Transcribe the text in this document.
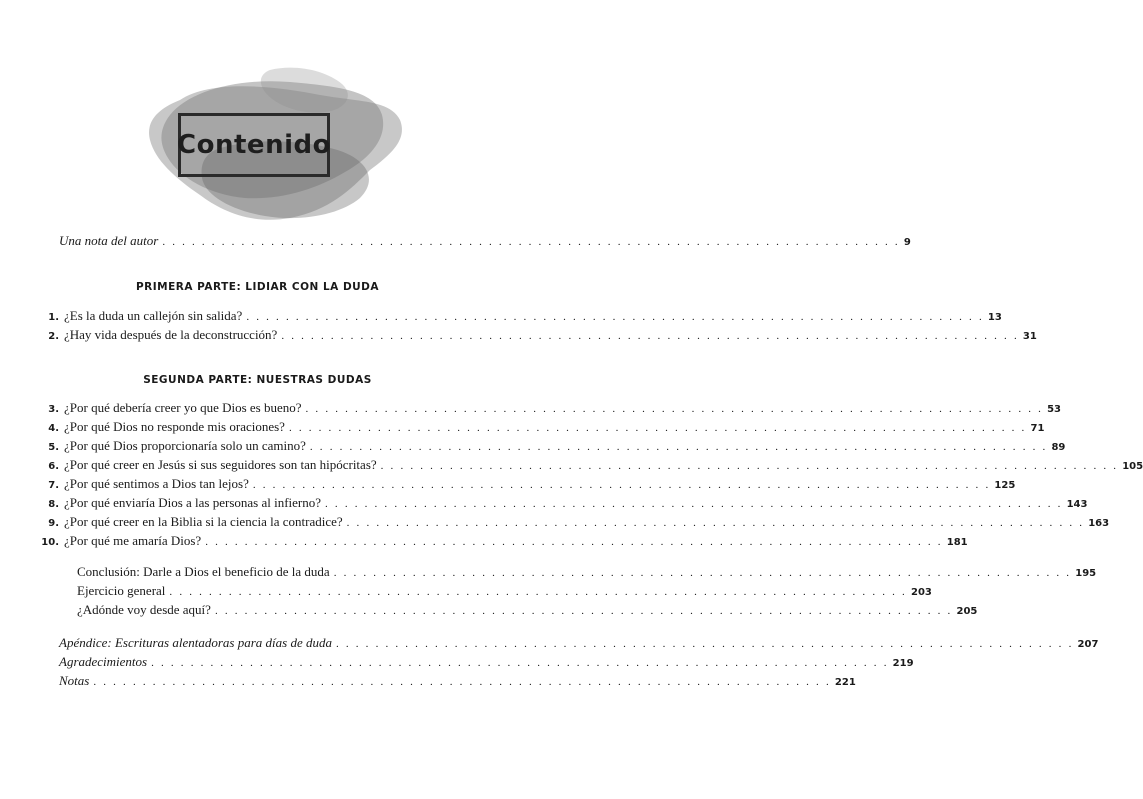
Contenido
Una nota del autor . . . . . . . . . . . . . . . . . . . . . . . . . . . . . . . . . . . . . . . . . . . . . . . . . . . . . . . . . . . . . . . . . . . . . . . . . . . 9
PRIMERA PARTE: LIDIAR CON LA DUDA
1. ¿Es la duda un callejón sin salida? . . . . . . . . . . . . . . . . . . . . . . . . . . . . . . . . . . . . . . . . . . . . . . . . . . . . . . . . . . . . . . . . . . . . . . . . . . . 13
2. ¿Hay vida después de la deconstrucción? . . . . . . . . . . . . . . . . . . . . . . . . . . . . . . . . . . . . . . . . . . . . . . . . . . . . . . . . . . . . . . . . . . . . . . . . . . . 31
SEGUNDA PARTE: NUESTRAS DUDAS
3. ¿Por qué debería creer yo que Dios es bueno? . . . . . . . . . . . . . . . . . . . . . . . . . . . . . . . . . . . . . . . . . . . . . . . . . . . . . . . . . . . . . . . . . . . . . . . . . . . 53
4. ¿Por qué Dios no responde mis oraciones? . . . . . . . . . . . . . . . . . . . . . . . . . . . . . . . . . . . . . . . . . . . . . . . . . . . . . . . . . . . . . . . . . . . . . . . . . . . 71
5. ¿Por qué Dios proporcionaría solo un camino? . . . . . . . . . . . . . . . . . . . . . . . . . . . . . . . . . . . . . . . . . . . . . . . . . . . . . . . . . . . . . . . . . . . . . . . . . . . 89
6. ¿Por qué creer en Jesús si sus seguidores son tan hipócritas? . . . . . . . . . . . . . . . . . . . . . . . . . . . . . . . . . . . . . . . . . . . . . . . . . . . . . . . . . . . . . . . . . . . . . . . . . . . 105
7. ¿Por qué sentimos a Dios tan lejos? . . . . . . . . . . . . . . . . . . . . . . . . . . . . . . . . . . . . . . . . . . . . . . . . . . . . . . . . . . . . . . . . . . . . . . . . . . . 125
8. ¿Por qué enviaría Dios a las personas al infierno? . . . . . . . . . . . . . . . . . . . . . . . . . . . . . . . . . . . . . . . . . . . . . . . . . . . . . . . . . . . . . . . . . . . . . . . . . . . 143
9. ¿Por qué creer en la Biblia si la ciencia la contradice? . . . . . . . . . . . . . . . . . . . . . . . . . . . . . . . . . . . . . . . . . . . . . . . . . . . . . . . . . . . . . . . . . . . . . . . . . . . 163
10. ¿Por qué me amaría Dios? . . . . . . . . . . . . . . . . . . . . . . . . . . . . . . . . . . . . . . . . . . . . . . . . . . . . . . . . . . . . . . . . . . . . . . . . . . . 181
Conclusión: Darle a Dios el beneficio de la duda . . . . . . . . . . . . . . . . . . . . . . . . . . . . . . . . . . . . . . . . . . . . . . . . . . . . . . . . . . . . . . . . . . . . . . . . . . . 195
Ejercicio general . . . . . . . . . . . . . . . . . . . . . . . . . . . . . . . . . . . . . . . . . . . . . . . . . . . . . . . . . . . . . . . . . . . . . . . . . . . 203
¿Adónde voy desde aquí? . . . . . . . . . . . . . . . . . . . . . . . . . . . . . . . . . . . . . . . . . . . . . . . . . . . . . . . . . . . . . . . . . . . . . . . . . . . 205
Apéndice: Escrituras alentadoras para días de duda . . . . . . . . . . . . . . . . . . . . . . . . . . . . . . . . . . . . . . . . . . . . . . . . . . . . . . . . . . . . . . . . . . . . . . . . . . . 207
Agradecimientos . . . . . . . . . . . . . . . . . . . . . . . . . . . . . . . . . . . . . . . . . . . . . . . . . . . . . . . . . . . . . . . . . . . . . . . . . . . 219
Notas . . . . . . . . . . . . . . . . . . . . . . . . . . . . . . . . . . . . . . . . . . . . . . . . . . . . . . . . . . . . . . . . . . . . . . . . . . . 221
